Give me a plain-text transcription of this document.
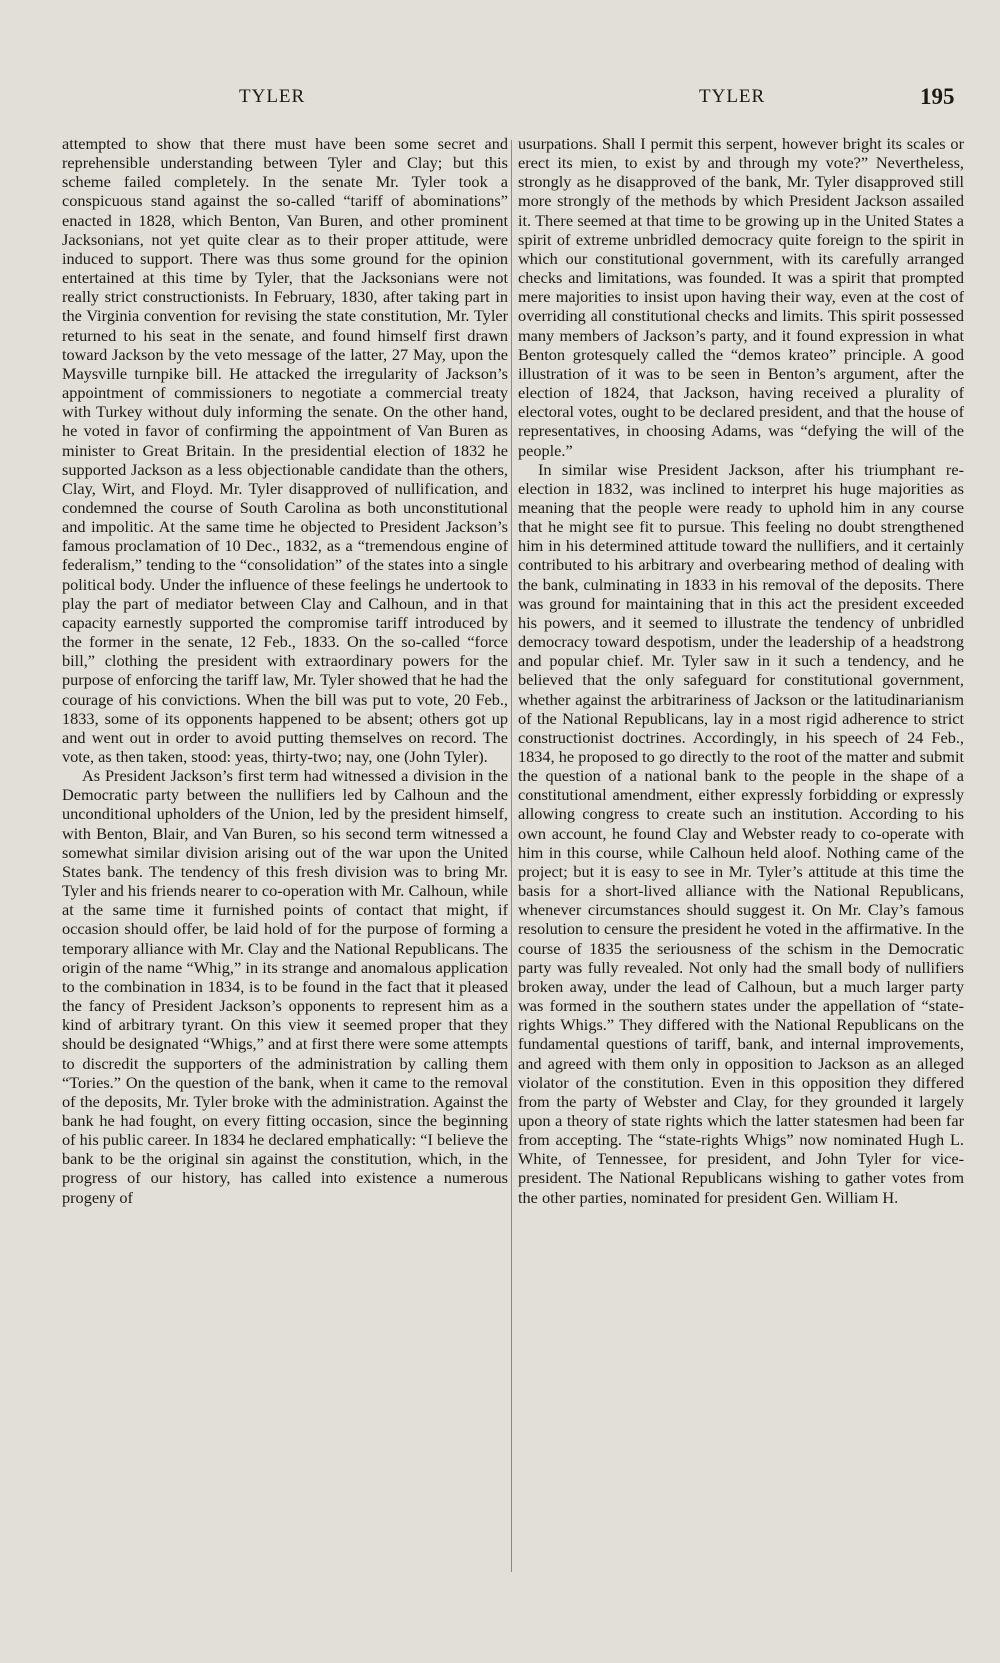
TYLER	TYLER	195

attempted to show that there must have been some secret and reprehensible understanding between Tyler and Clay; but this scheme failed completely. In the senate Mr. Tyler took a conspicuous stand against the so-called “tariff of abominations” enacted in 1828, which Benton, Van Buren, and other prominent Jacksonians, not yet quite clear as to their proper attitude, were induced to support. There was thus some ground for the opinion entertained at this time by Tyler, that the Jacksonians were not really strict constructionists. In February, 1830, after taking part in the Virginia convention for revising the state constitution, Mr. Tyler returned to his seat in the senate, and found himself first drawn toward Jackson by the veto message of the latter, 27 May, upon the Maysville turnpike bill. He attacked the irregularity of Jackson’s appointment of commissioners to negotiate a commercial treaty with Turkey without duly informing the senate. On the other hand, he voted in favor of confirming the appointment of Van Buren as minister to Great Britain. In the presidential election of 1832 he supported Jackson as a less objectionable candidate than the others, Clay, Wirt, and Floyd. Mr. Tyler disapproved of nullification, and condemned the course of South Carolina as both unconstitutional and impolitic. At the same time he objected to President Jackson’s famous proclamation of 10 Dec., 1832, as a “tremendous engine of federalism,” tending to the “consolidation” of the states into a single political body. Under the influence of these feelings he undertook to play the part of mediator between Clay and Calhoun, and in that capacity earnestly supported the compromise tariff introduced by the former in the senate, 12 Feb., 1833. On the so-called “force bill,” clothing the president with extraordinary powers for the purpose of enforcing the tariff law, Mr. Tyler showed that he had the courage of his convictions. When the bill was put to vote, 20 Feb., 1833, some of its opponents happened to be absent; others got up and went out in order to avoid putting themselves on record. The vote, as then taken, stood: yeas, thirty-two; nay, one (John Tyler).

As President Jackson’s first term had witnessed a division in the Democratic party between the nullifiers led by Calhoun and the unconditional upholders of the Union, led by the president himself, with Benton, Blair, and Van Buren, so his second term witnessed a somewhat similar division arising out of the war upon the United States bank. The tendency of this fresh division was to bring Mr. Tyler and his friends nearer to co-operation with Mr. Calhoun, while at the same time it furnished points of contact that might, if occasion should offer, be laid hold of for the purpose of forming a temporary alliance with Mr. Clay and the National Republicans. The origin of the name “Whig,” in its strange and anomalous application to the combination in 1834, is to be found in the fact that it pleased the fancy of President Jackson’s opponents to represent him as a kind of arbitrary tyrant. On this view it seemed proper that they should be designated “Whigs,” and at first there were some attempts to discredit the supporters of the administration by calling them “Tories.” On the question of the bank, when it came to the removal of the deposits, Mr. Tyler broke with the administration. Against the bank he had fought, on every fitting occasion, since the beginning of his public career. In 1834 he declared emphatically: “I believe the bank to be the original sin against the constitution, which, in the progress of our history, has called into existence a numerous progeny of

usurpations. Shall I permit this serpent, however bright its scales or erect its mien, to exist by and through my vote?” Nevertheless, strongly as he disapproved of the bank, Mr. Tyler disapproved still more strongly of the methods by which President Jackson assailed it. There seemed at that time to be growing up in the United States a spirit of extreme unbridled democracy quite foreign to the spirit in which our constitutional government, with its carefully arranged checks and limitations, was founded. It was a spirit that prompted mere majorities to insist upon having their way, even at the cost of overriding all constitutional checks and limits. This spirit possessed many members of Jackson’s party, and it found expression in what Benton grotesquely called the “demos krateo” principle. A good illustration of it was to be seen in Benton’s argument, after the election of 1824, that Jackson, having received a plurality of electoral votes, ought to be declared president, and that the house of representatives, in choosing Adams, was “defying the will of the people.”

In similar wise President Jackson, after his triumphant re-election in 1832, was inclined to interpret his huge majorities as meaning that the people were ready to uphold him in any course that he might see fit to pursue. This feeling no doubt strengthened him in his determined attitude toward the nullifiers, and it certainly contributed to his arbitrary and overbearing method of dealing with the bank, culminating in 1833 in his removal of the deposits. There was ground for maintaining that in this act the president exceeded his powers, and it seemed to illustrate the tendency of unbridled democracy toward despotism, under the leadership of a headstrong and popular chief. Mr. Tyler saw in it such a tendency, and he believed that the only safeguard for constitutional government, whether against the arbitrariness of Jackson or the latitudinarianism of the National Republicans, lay in a most rigid adherence to strict constructionist doctrines. Accordingly, in his speech of 24 Feb., 1834, he proposed to go directly to the root of the matter and submit the question of a national bank to the people in the shape of a constitutional amendment, either expressly forbidding or expressly allowing congress to create such an institution. According to his own account, he found Clay and Webster ready to co-operate with him in this course, while Calhoun held aloof. Nothing came of the project; but it is easy to see in Mr. Tyler’s attitude at this time the basis for a short-lived alliance with the National Republicans, whenever circumstances should suggest it. On Mr. Clay’s famous resolution to censure the president he voted in the affirmative. In the course of 1835 the seriousness of the schism in the Democratic party was fully revealed. Not only had the small body of nullifiers broken away, under the lead of Calhoun, but a much larger party was formed in the southern states under the appellation of “state-rights Whigs.” They differed with the National Republicans on the fundamental questions of tariff, bank, and internal improvements, and agreed with them only in opposition to Jackson as an alleged violator of the constitution. Even in this opposition they differed from the party of Webster and Clay, for they grounded it largely upon a theory of state rights which the latter statesmen had been far from accepting. The “state-rights Whigs” now nominated Hugh L. White, of Tennessee, for president, and John Tyler for vice-president. The National Republicans wishing to gather votes from the other parties, nominated for president Gen. William H.
